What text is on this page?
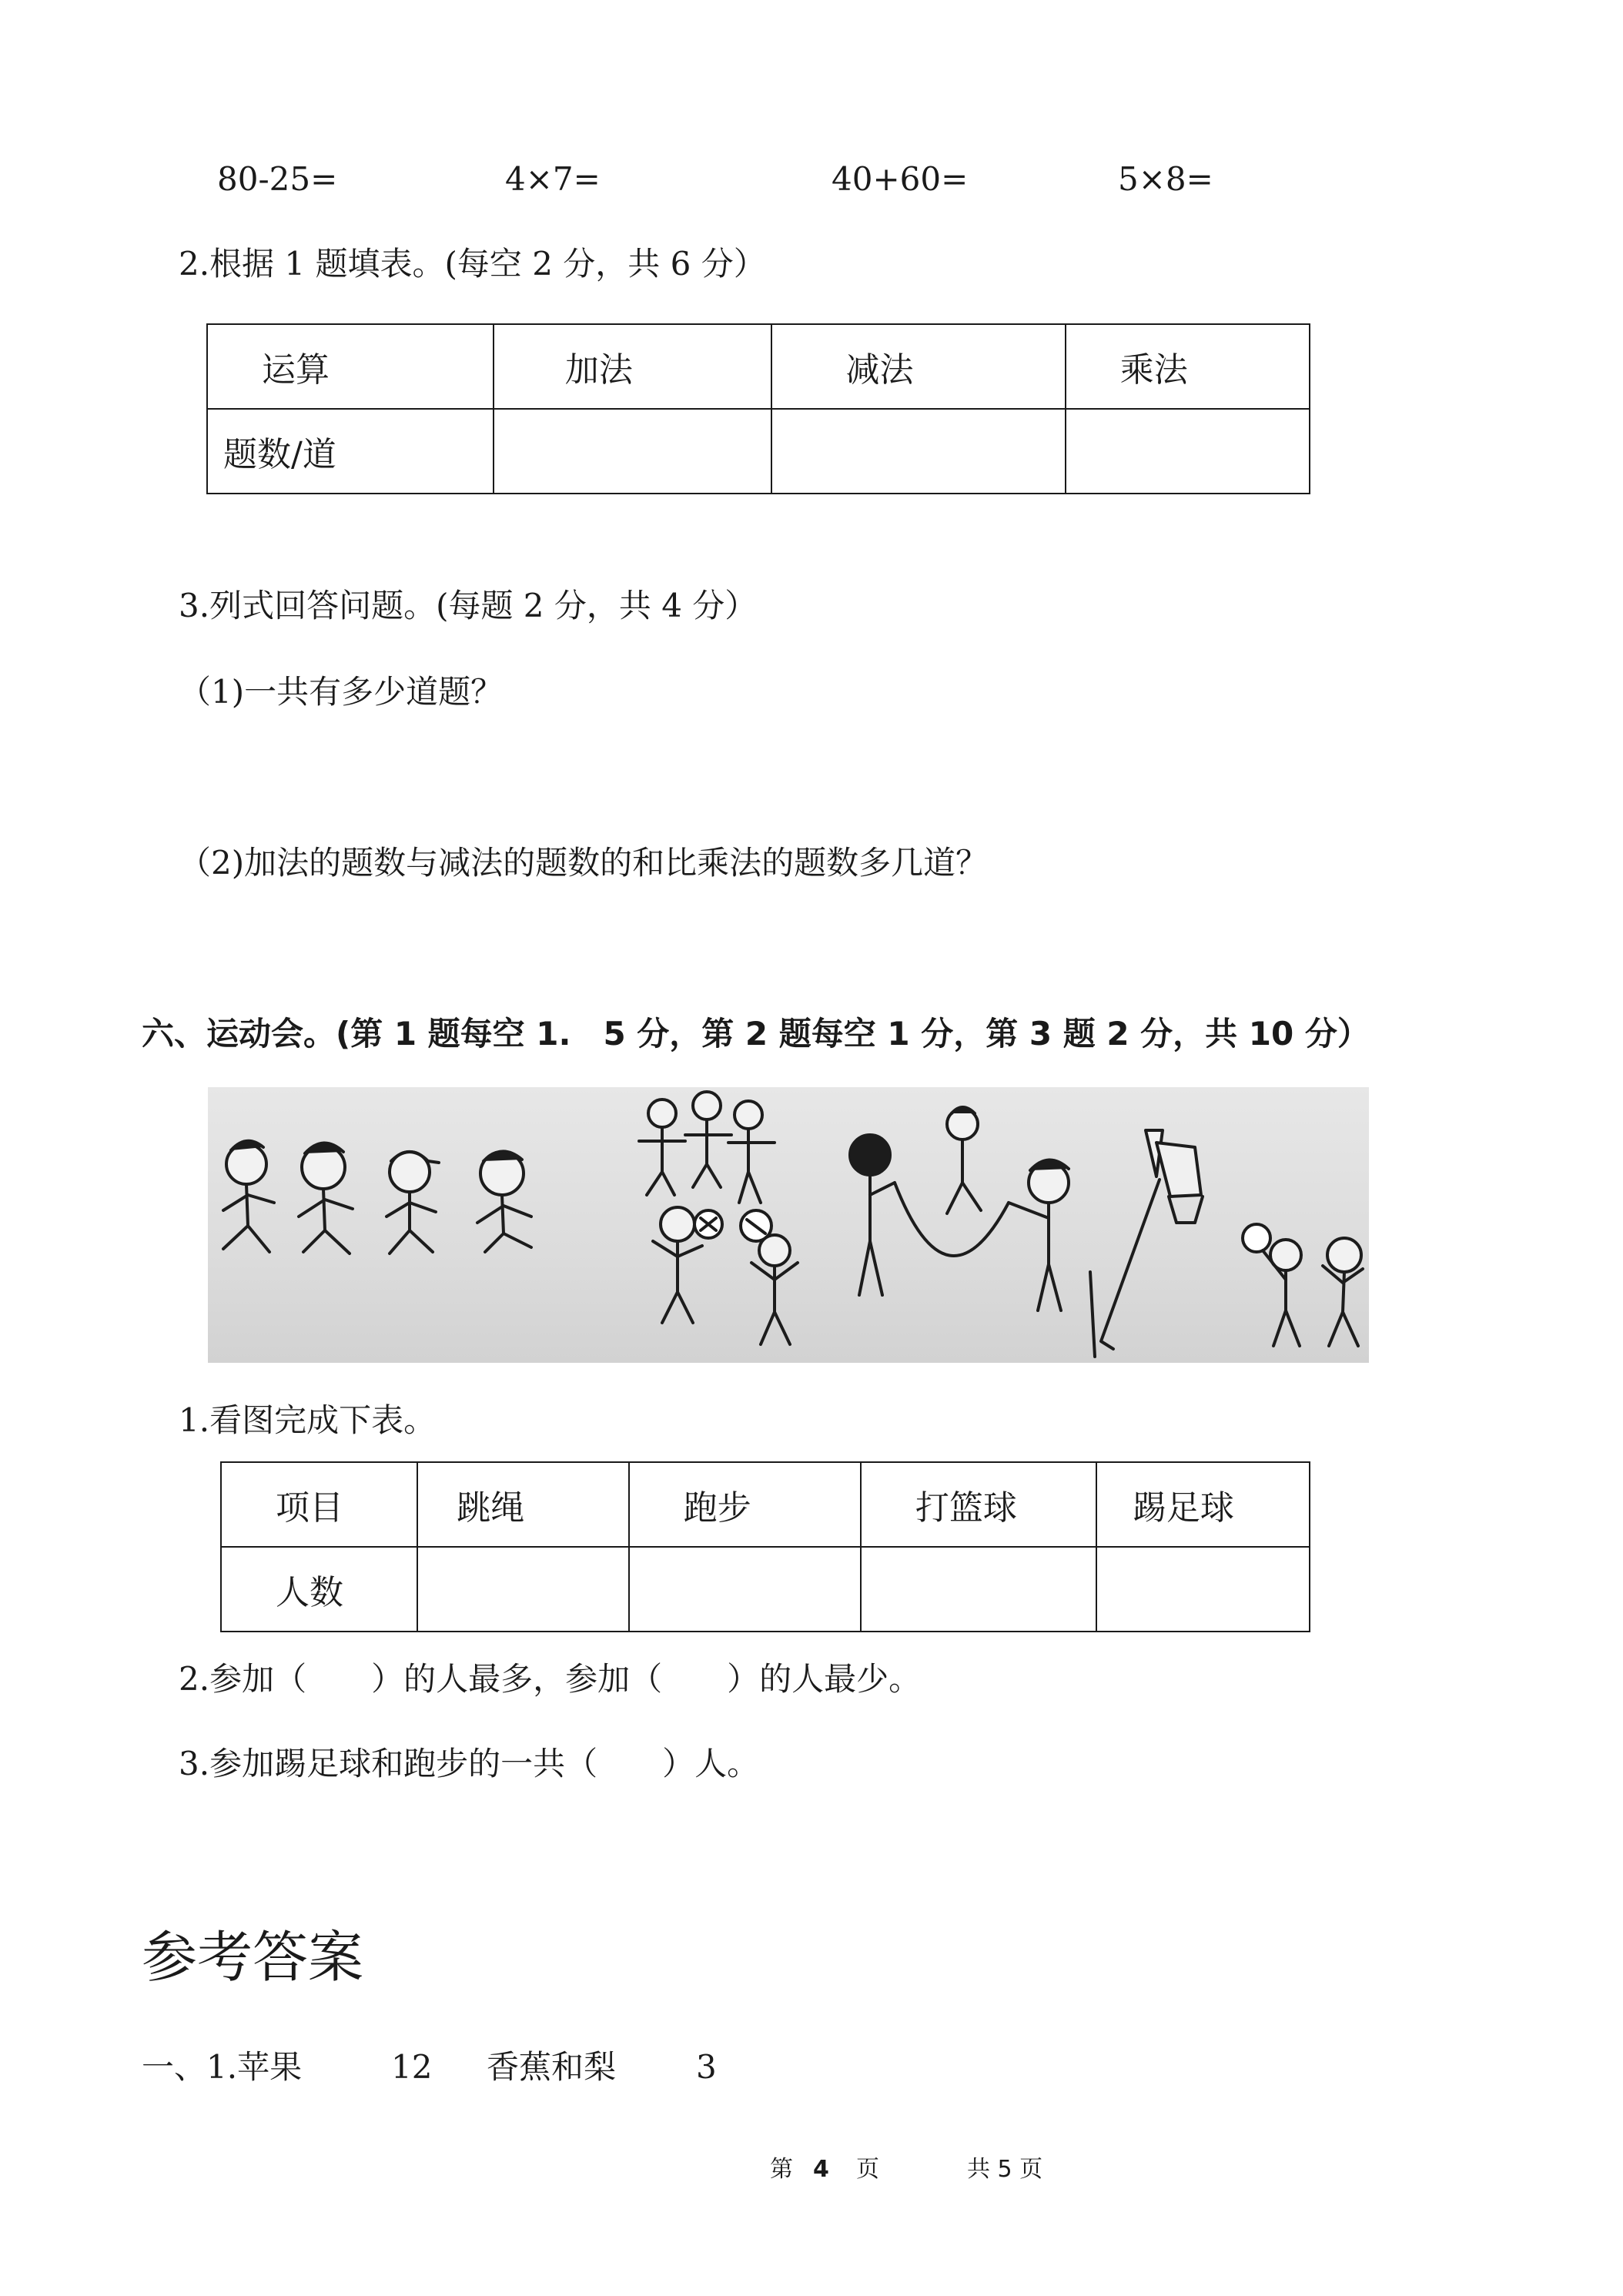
80-25=	4×7=	40+60=	5×8=
2.根据 1 题填表。(每空 2 分，共 6 分）
运算	加法	减法	乘法
题数/道			
3.列式回答问题。(每题 2 分，共 4 分）
（1)一共有多少道题？
（2)加法的题数与减法的题数的和比乘法的题数多几道？
六、运动会。(第 1 题每空 1.　5 分，第 2 题每空 1 分，第 3 题 2 分，共 10 分）
1.看图完成下表。
项目	跳绳	跑步	打篮球	踢足球
人数				
2.参加（　　）的人最多，参加（　　）的人最少。
3.参加踢足球和跑步的一共（　　）人。
参考答案
一、1.苹果	12 香蕉和梨 3
第 4 页	共 5 页
